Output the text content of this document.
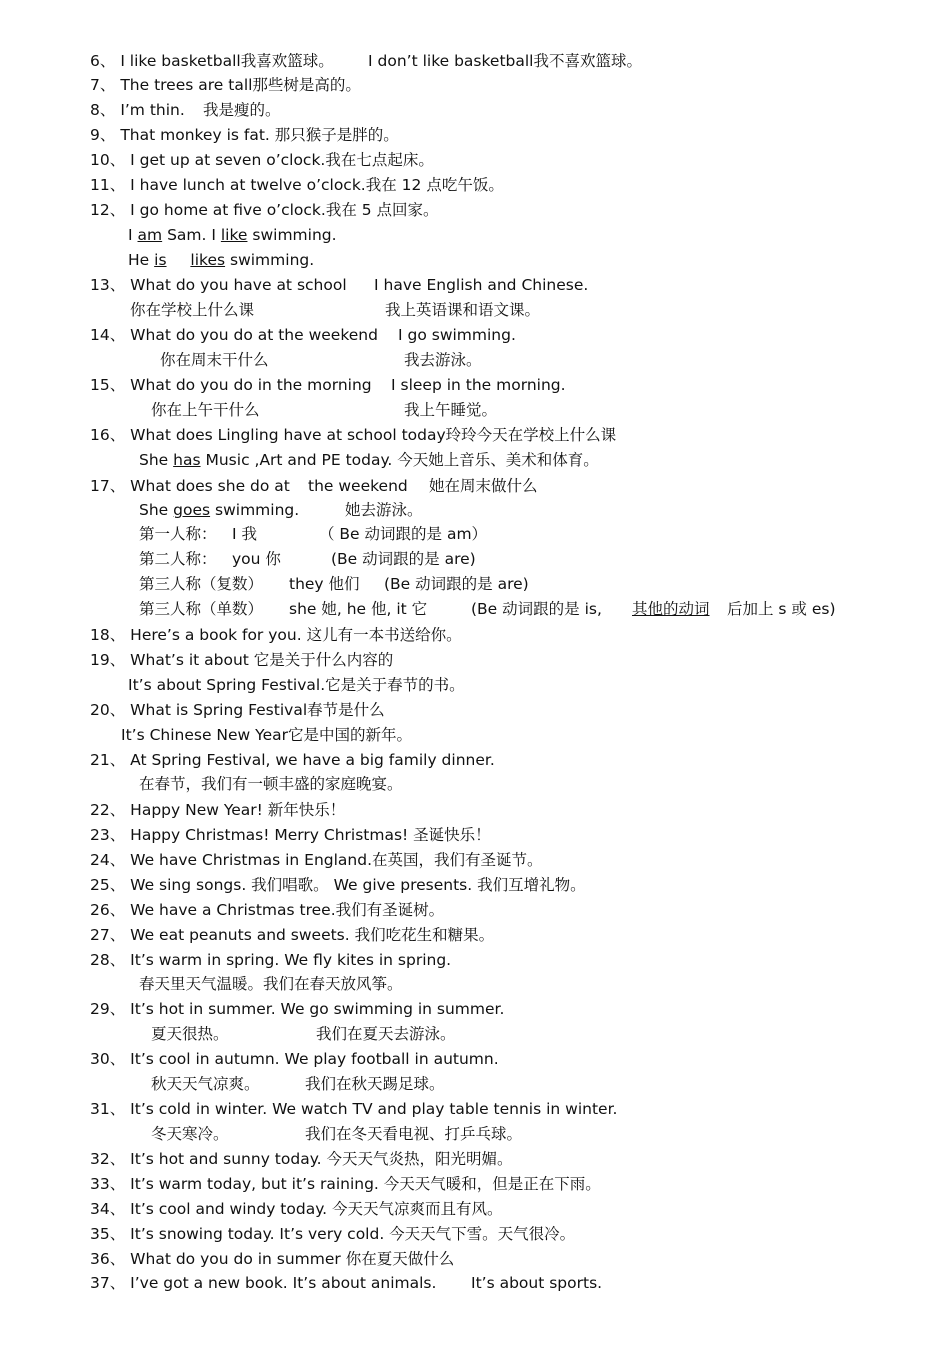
6、 I like basketball我喜欢篮球。 I don’t like basketball我不喜欢篮球。
7、 The trees are tall那些树是高的。
8、 I’m thin. 我是瘦的。
9、 That monkey is fat. 那只猴子是胖的。
10、 I get up at seven o’clock.我在七点起床。
11、 I have lunch at twelve o’clock.我在 12 点吃午饭。
12、 I go home at five o’clock.我在 5 点回家。
I am Sam. I like swimming.
He is likes swimming.
13、 What do you have at school I have English and Chinese.
你在学校上什么课	我上英语课和语文课。
14、 What do you do at the weekend I go swimming.
你在周末干什么	我去游泳。
15、 What do you do in the morning I sleep in the morning.
你在上午干什么	我上午睡觉。
16、 What does Lingling have at school today玲玲今天在学校上什么课
She has Music ,Art and PE today. 今天她上音乐、美术和体育。
17、 What does she do at the weekend 她在周末做什么
She goes swimming.	她去游泳。
第一人称： I 我	（ Be 动词跟的是 am）
第二人称： you 你	(Be 动词跟的是 are)
第三人称（复数） they 他们 (Be 动词跟的是 are)
第三人称（单数） she 她, he 他, it 它	(Be 动词跟的是 is, 其他的动词 后加上 s 或 es)
18、 Here’s a book for you. 这儿有一本书送给你。
19、 What’s it about 它是关于什么内容的
It’s about Spring Festival.它是关于春节的书。
20、 What is Spring Festival春节是什么
It’s Chinese New Year它是中国的新年。
21、 At Spring Festival, we have a big family dinner.
在春节，我们有一顿丰盛的家庭晚宴。
22、 Happy New Year! 新年快乐！
23、 Happy Christmas! Merry Christmas! 圣诞快乐！
24、 We have Christmas in England.在英国，我们有圣诞节。
25、 We sing songs. 我们唱歌。 We give presents. 我们互增礼物。
26、 We have a Christmas tree.我们有圣诞树。
27、 We eat peanuts and sweets. 我们吃花生和糖果。
28、 It’s warm in spring. We fly kites in spring.
春天里天气温暖。我们在春天放风筝。
29、 It’s hot in summer. We go swimming in summer.
夏天很热。	我们在夏天去游泳。
30、 It’s cool in autumn. We play football in autumn.
秋天天气凉爽。	我们在秋天踢足球。
31、 It’s cold in winter. We watch TV and play table tennis in winter.
冬天寒冷。	我们在冬天看电视、打乒乓球。
32、 It’s hot and sunny today. 今天天气炎热，阳光明媚。
33、 It’s warm today, but it’s raining. 今天天气暖和，但是正在下雨。
34、 It’s cool and windy today. 今天天气凉爽而且有风。
35、 It’s snowing today. It’s very cold. 今天天气下雪。天气很冷。
36、 What do you do in summer 你在夏天做什么
37、 I’ve got a new book. It’s about animals. It’s about sports.
